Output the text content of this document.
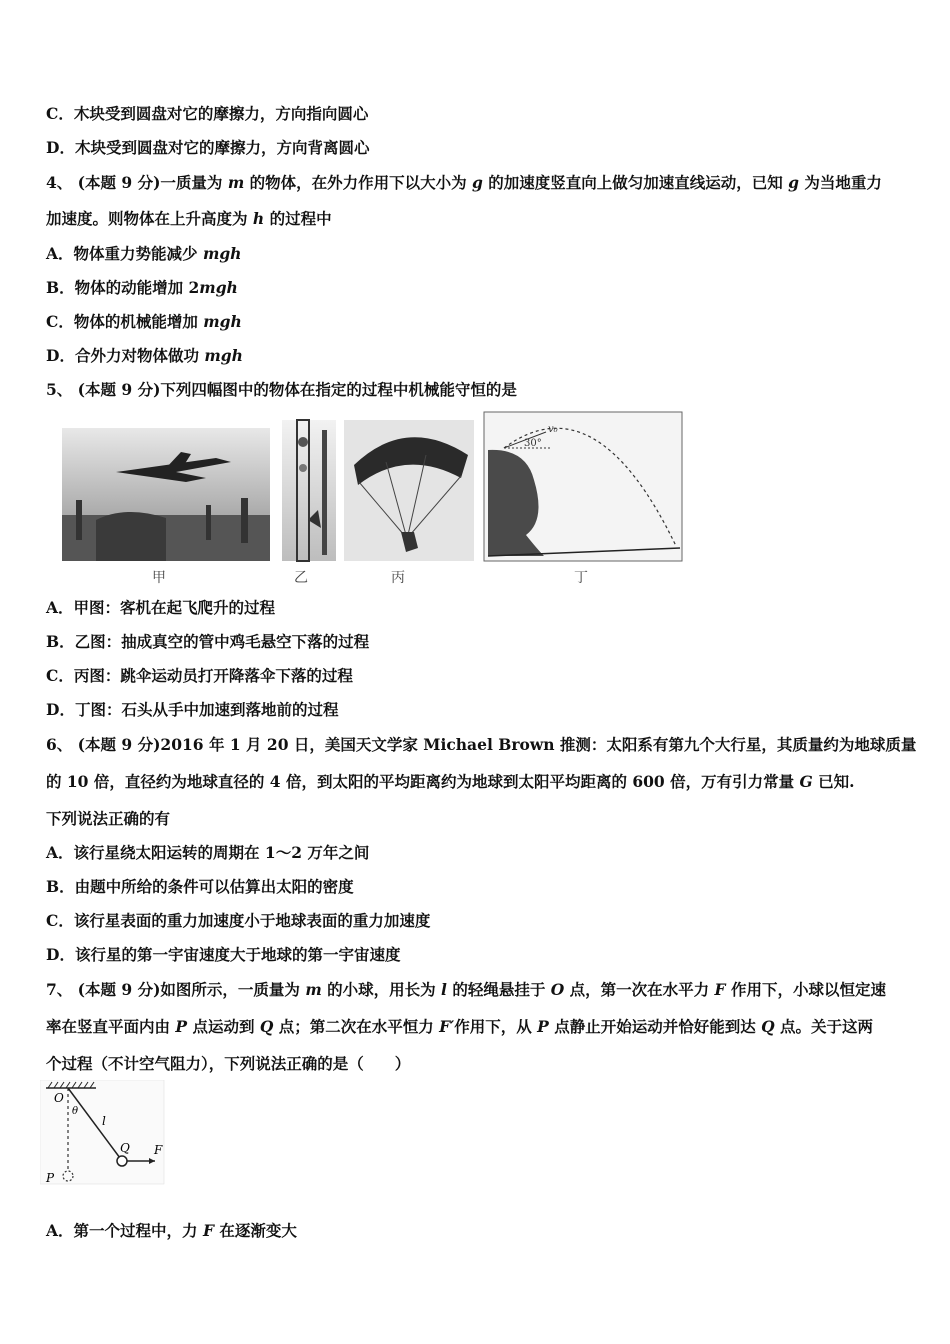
C．木块受到圆盘对它的摩擦力，方向指向圆心
D．木块受到圆盘对它的摩擦力，方向背离圆心
4、 (本题 9 分)一质量为 m 的物体，在外力作用下以大小为 g 的加速度竖直向上做匀加速直线运动，已知 g 为当地重力
加速度。则物体在上升高度为 h 的过程中
A．物体重力势能减少 mgh
B．物体的动能增加 2mgh
C．物体的机械能增加 mgh
D．合外力对物体做功 mgh
5、 (本题 9 分)下列四幅图中的物体在指定的过程中机械能守恒的是
30°
v₀
甲	乙	丙	丁
A．甲图：客机在起飞爬升的过程
B．乙图：抽成真空的管中鸡毛悬空下落的过程
C．丙图：跳伞运动员打开降落伞下落的过程
D．丁图：石头从手中加速到落地前的过程
6、 (本题 9 分)2016 年 1 月 20 日，美国天文学家 Michael Brown 推测：太阳系有第九个大行星，其质量约为地球质量
的 10 倍，直径约为地球直径的 4 倍，到太阳的平均距离约为地球到太阳平均距离的 600 倍，万有引力常量 G 已知.
下列说法正确的有
A．该行星绕太阳运转的周期在 1～2 万年之间
B．由题中所给的条件可以估算出太阳的密度
C．该行星表面的重力加速度小于地球表面的重力加速度
D．该行星的第一宇宙速度大于地球的第一宇宙速度
7、 (本题 9 分)如图所示，一质量为 m 的小球，用长为 l 的轻绳悬挂于 O 点，第一次在水平力 F 作用下，小球以恒定速
率在竖直平面内由 P 点运动到 Q 点；第二次在水平恒力 F′作用下，从 P 点静止开始运动并恰好能到达 Q 点。关于这两
个过程（不计空气阻力），下列说法正确的是（　　）
O
θ
l
Q F
P
A．第一个过程中，力 F 在逐渐变大
